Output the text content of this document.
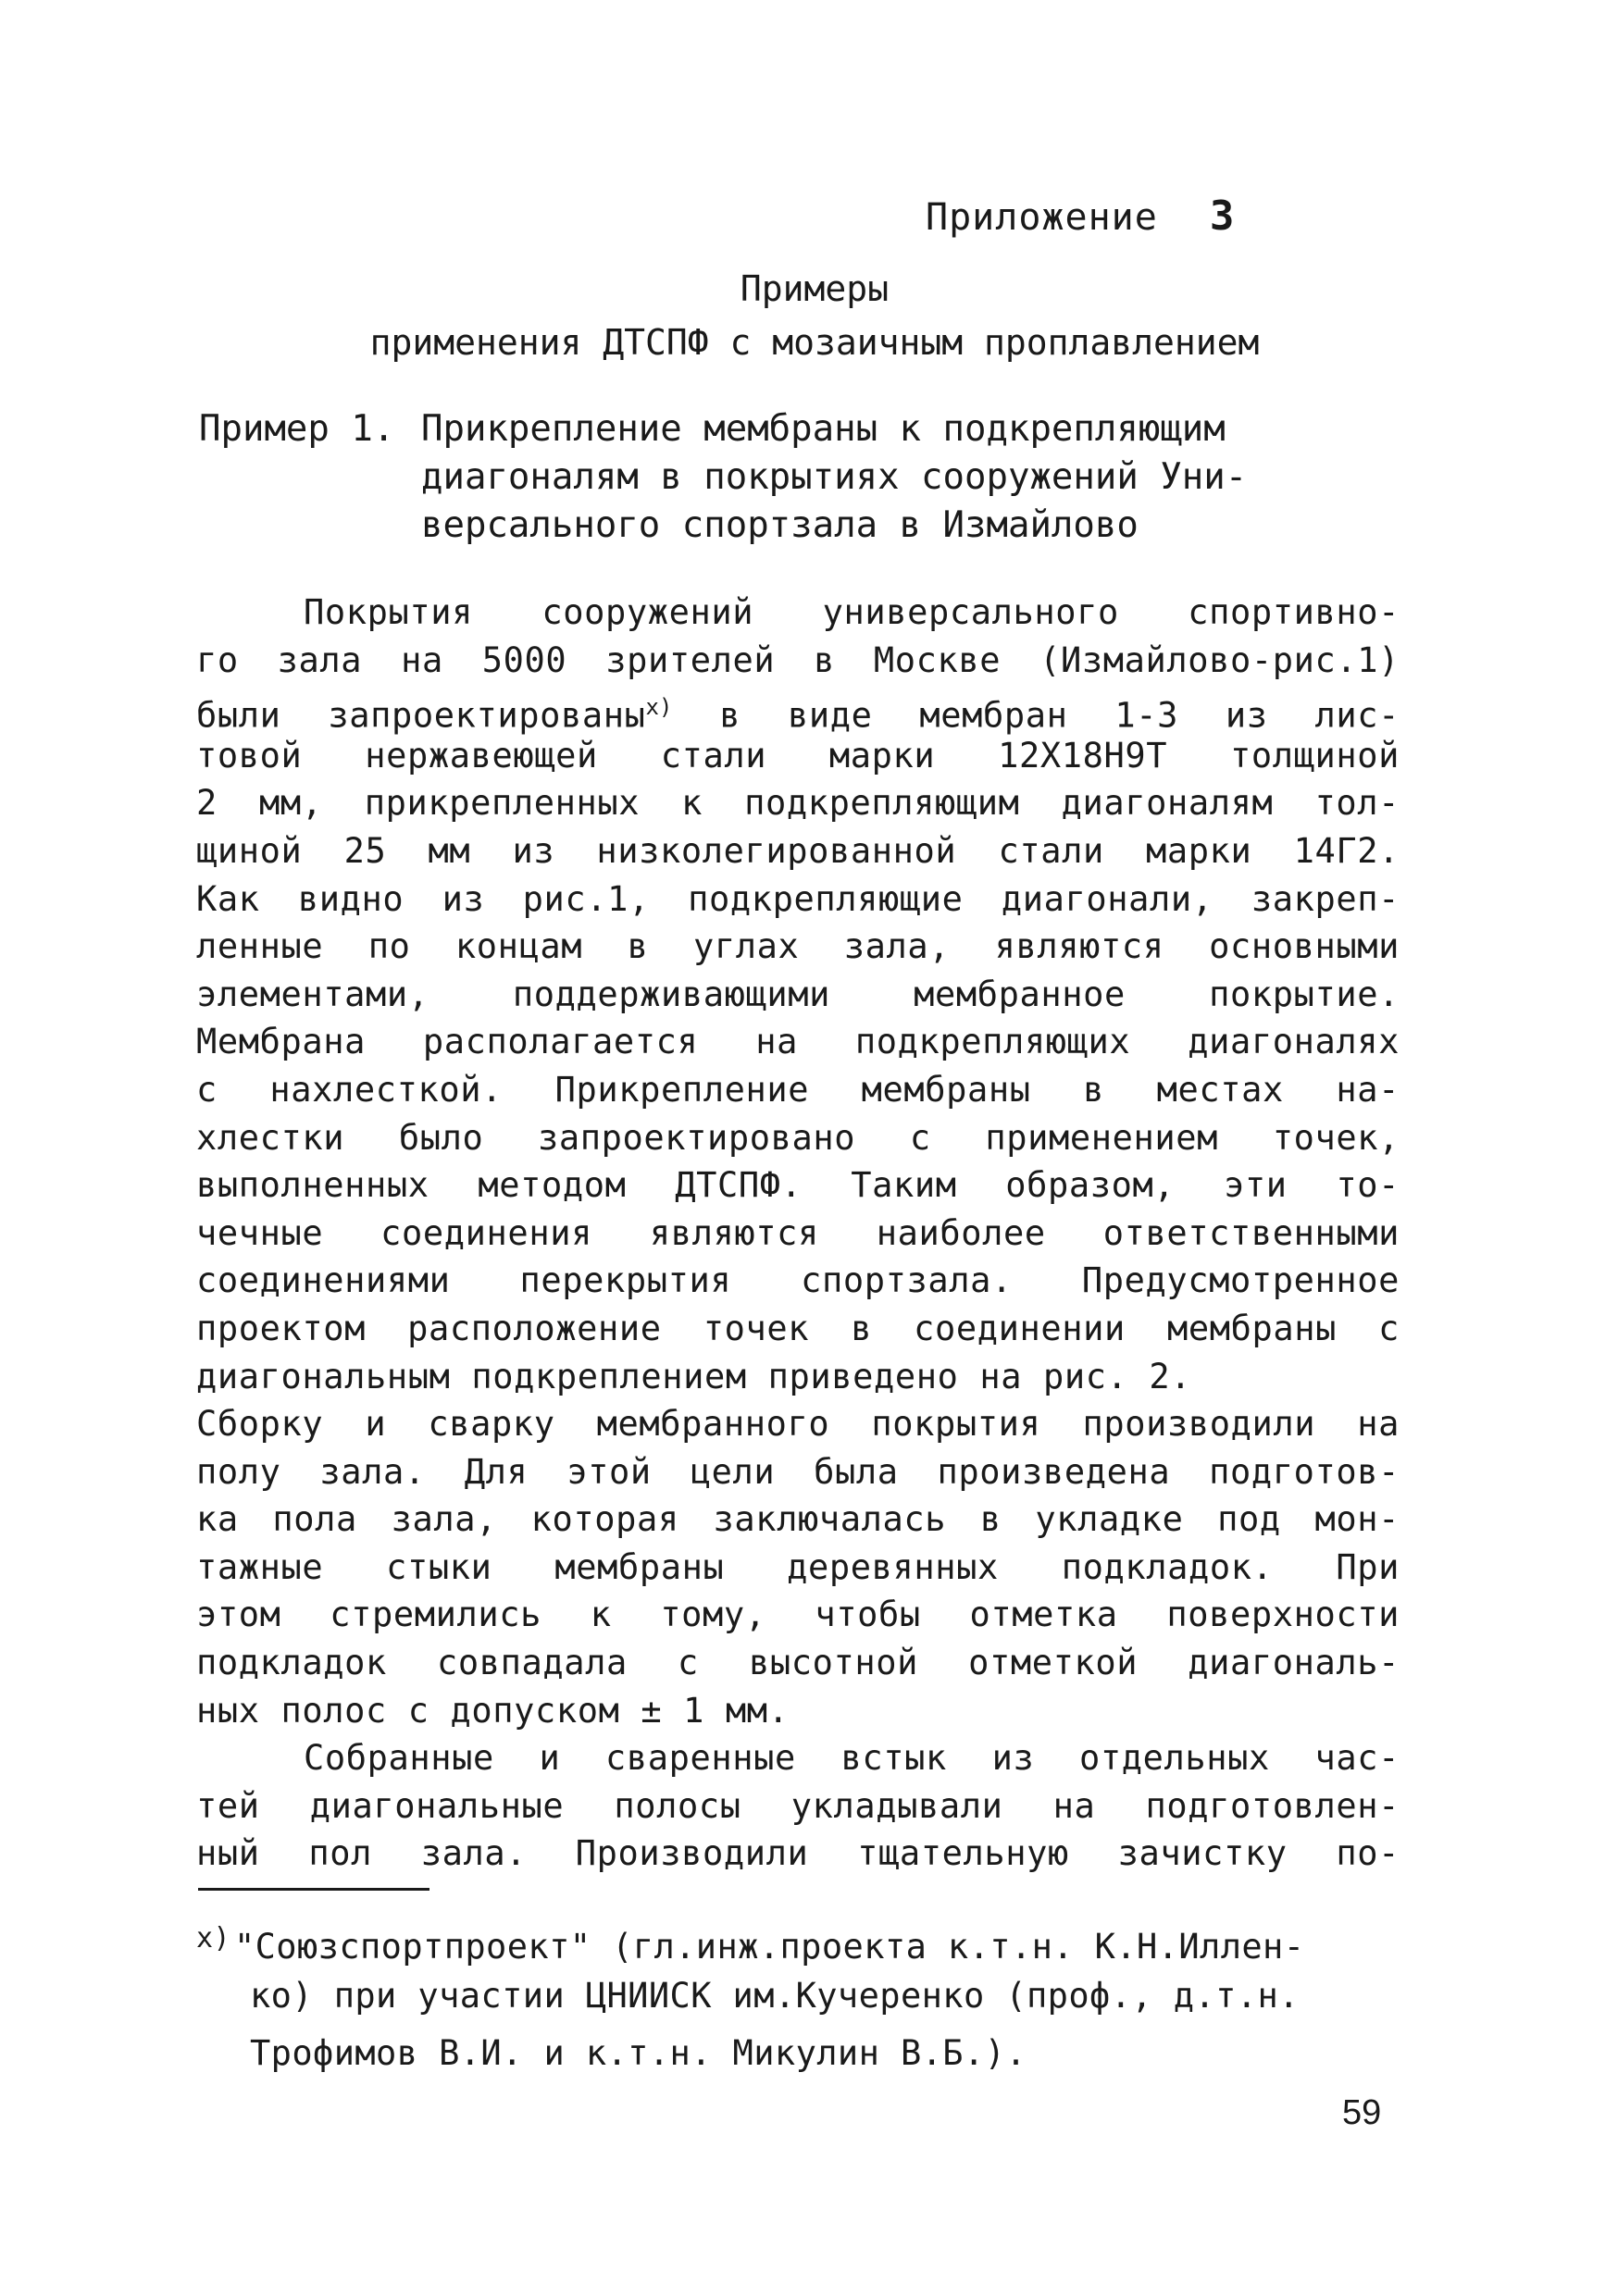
Приложение 3
Примеры
применения ДТСПФ с мозаичным проплавлением
Пример 1. Прикрепление мембраны к подкрепляющим
диагоналям в покрытиях сооружений Уни-
версального спортзала в Измайлово
Покрытия сооружений универсального спортивно-
го зала на 5000 зрителей в Москве (Измайлово-рис.1)
были запроектированы$^{x)}$ в виде мембран 1-3 из лис-
товой нержавеющей стали марки 12Х18Н9Т толщиной
2 мм, прикрепленных к подкрепляющим диагоналям тол-
щиной 25 мм из низколегированной стали марки 14Г2.
Как видно из рис.1, подкрепляющие диагонали, закреп-
ленные по концам в углах зала, являются основными
элементами, поддерживающими мембранное покрытие.
Мембрана располагается на подкрепляющих диагоналях
с нахлесткой. Прикрепление мембраны в местах на-
хлестки было запроектировано с применением точек,
выполненных методом ДТСПФ. Таким образом, эти то-
чечные соединения являются наиболее ответственными
соединениями перекрытия спортзала. Предусмотренное
проектом расположение точек в соединении мембраны с
диагональным подкреплением приведено на рис. 2.
Сборку и сварку мембранного покрытия производили на
полу зала. Для этой цели была произведена подготов-
ка пола зала, которая заключалась в укладке под мон-
тажные стыки мембраны деревянных подкладок. При
этом стремились к тому, чтобы отметка поверхности
подкладок совпадала с высотной отметкой диагональ-
ных полос с допуском ± 1 мм.
Собранные и сваренные встык из отдельных час-
тей диагональные полосы укладывали на подготовлен-
ный пол зала. Производили тщательную зачистку по-
$^{x)}$ "Союзспортпроект" (гл.инж.проекта к.т.н. К.Н.Иллен-
ко) при участии ЦНИИСК им.Кучеренко (проф., д.т.н.
Трофимов В.И. и к.т.н. Микулин В.Б.).
59
